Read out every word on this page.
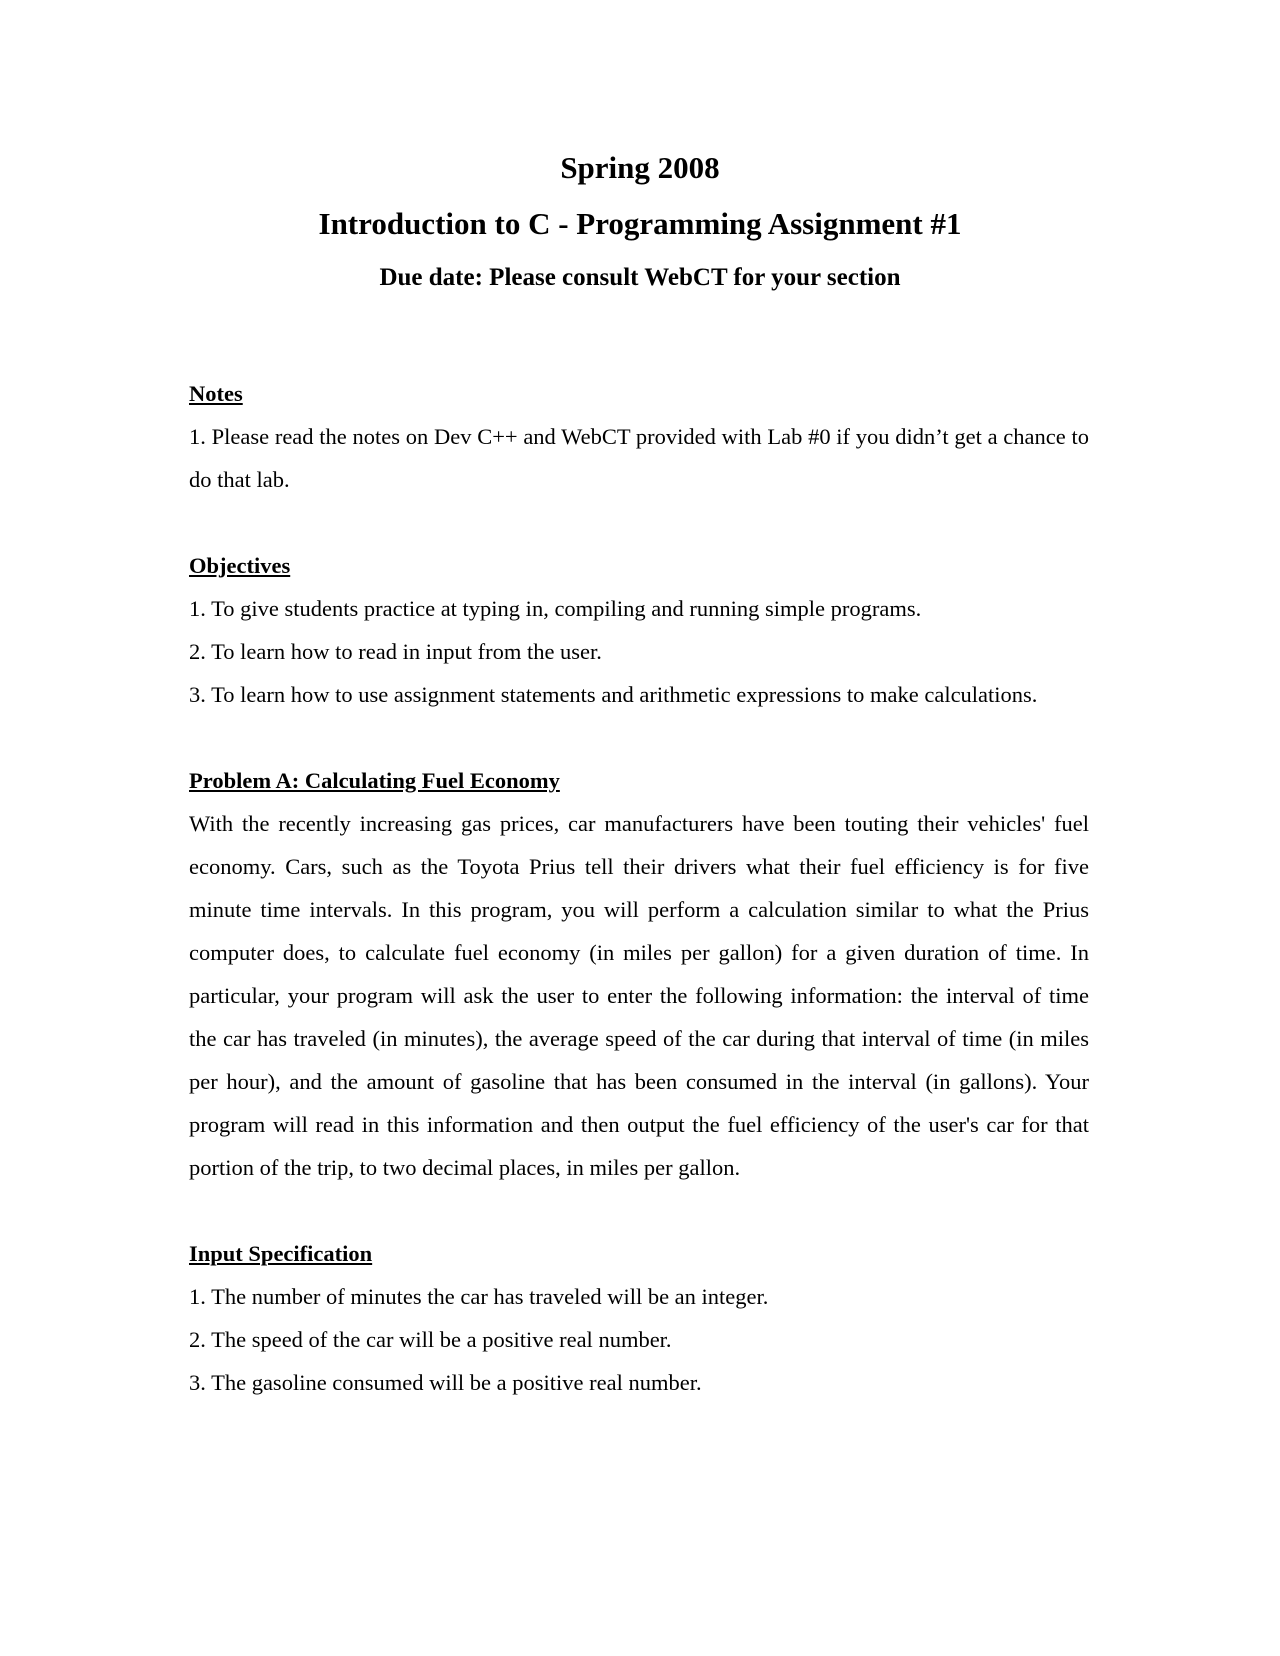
Spring 2008
Introduction to C - Programming Assignment #1
Due date: Please consult WebCT for your section

Notes

1. Please read the notes on Dev C++ and WebCT provided with Lab #0 if you didn’t get a chance to do that lab.

Objectives

1. To give students practice at typing in, compiling and running simple programs.

2. To learn how to read in input from the user.

3. To learn how to use assignment statements and arithmetic expressions to make calculations.

Problem A: Calculating Fuel Economy

With the recently increasing gas prices, car manufacturers have been touting their vehicles' fuel economy. Cars, such as the Toyota Prius tell their drivers what their fuel efficiency is for five minute time intervals. In this program, you will perform a calculation similar to what the Prius computer does, to calculate fuel economy (in miles per gallon) for a given duration of time. In particular, your program will ask the user to enter the following information: the interval of time the car has traveled (in minutes), the average speed of the car during that interval of time (in miles per hour), and the amount of gasoline that has been consumed in the interval (in gallons). Your program will read in this information and then output the fuel efficiency of the user's car for that portion of the trip, to two decimal places, in miles per gallon.

Input Specification

1. The number of minutes the car has traveled will be an integer.

2. The speed of the car will be a positive real number.

3. The gasoline consumed will be a positive real number.
